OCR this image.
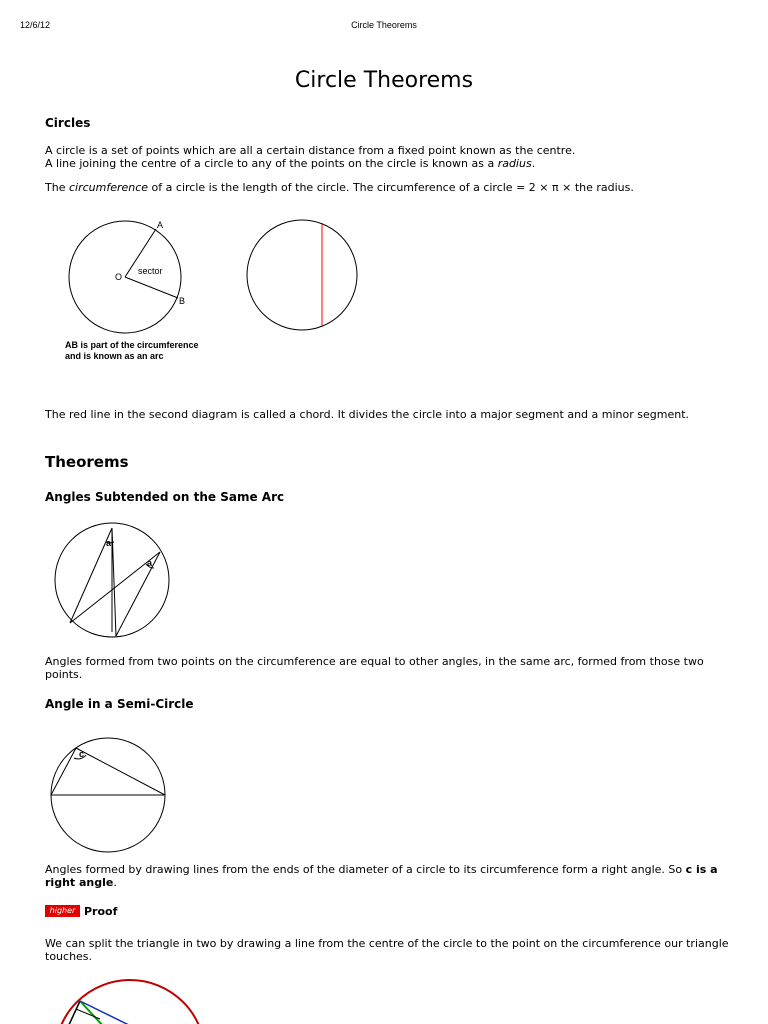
12/6/12	Circle Theorems
Circle Theorems
Circles
A circle is a set of points which are all a certain distance from a fixed point known as the centre.
A line joining the centre of a circle to any of the points on the circle is known as a radius.
The circumference of a circle is the length of the circle. The circumference of a circle = 2 × π × the radius.
A
B
O
sector
AB is part of the circumference
and is known as an arc
The red line in the second diagram is called a chord. It divides the circle into a major segment and a minor segment.
Theorems
Angles Subtended on the Same Arc
a
a
Angles formed from two points on the circumference are equal to other angles, in the same arc, formed from those two points.
Angle in a Semi-Circle
c
Angles formed by drawing lines from the ends of the diameter of a circle to its circumference form a right angle. So c is a right angle.
higher Proof
We can split the triangle in two by drawing a line from the centre of the circle to the point on the circumference our triangle touches.
